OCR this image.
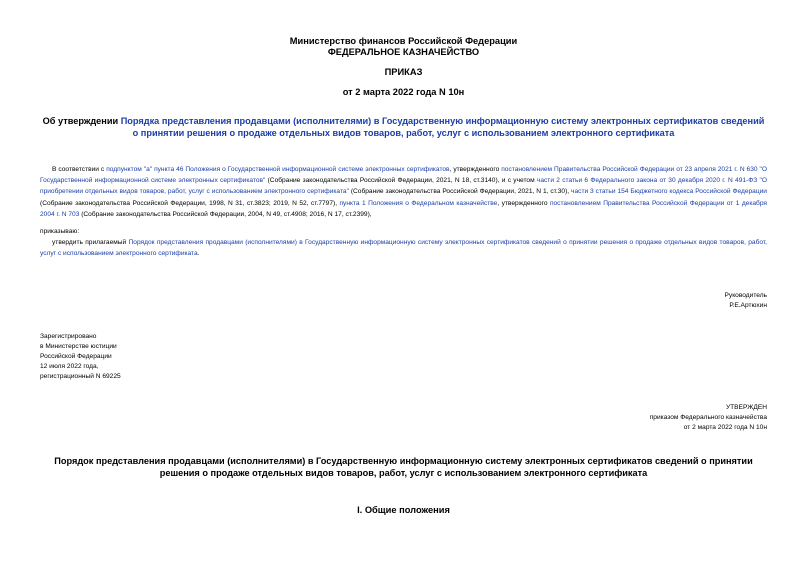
Министерство финансов Российской Федерации
ФЕДЕРАЛЬНОЕ КАЗНАЧЕЙСТВО
ПРИКАЗ
от 2 марта 2022 года N 10н
Об утверждении Порядка представления продавцами (исполнителями) в Государственную информационную систему электронных сертификатов сведений о принятии решения о продаже отдельных видов товаров, работ, услуг с использованием электронного сертификата
В соответствии с подпунктом "а" пункта 46 Положения о Государственной информационной системе электронных сертификатов, утвержденного постановлением Правительства Российской Федерации от 23 апреля 2021 г. N 630 "О Государственной информационной системе электронных сертификатов" (Собрание законодательства Российской Федерации, 2021, N 18, ст.3140), и с учетом части 2 статьи 6 Федерального закона от 30 декабря 2020 г. N 491-ФЗ "О приобретении отдельных видов товаров, работ, услуг с использованием электронного сертификата" (Собрание законодательства Российской Федерации, 2021, N 1, ст.30), части 3 статьи 154 Бюджетного кодекса Российской Федерации (Собрание законодательства Российской Федерации, 1998, N 31, ст.3823; 2019, N 52, ст.7797), пункта 1 Положения о Федеральном казначействе, утвержденного постановлением Правительства Российской Федерации от 1 декабря 2004 г. N 703 (Собрание законодательства Российской Федерации, 2004, N 49, ст.4908; 2016, N 17, ст.2399),
приказываю:
утвердить прилагаемый Порядок представления продавцами (исполнителями) в Государственную информационную систему электронных сертификатов сведений о принятии решения о продаже отдельных видов товаров, работ, услуг с использованием электронного сертификата.
Руководитель
Р.Е.Артюхин
Зарегистрировано
в Министерстве юстиции
Российской Федерации
12 июля 2022 года,
регистрационный N 69225
УТВЕРЖДЕН
приказом Федерального казначейства
от 2 марта 2022 года N 10н
Порядок представления продавцами (исполнителями) в Государственную информационную систему электронных сертификатов сведений о принятии решения о продаже отдельных видов товаров, работ, услуг с использованием электронного сертификата
I. Общие положения
